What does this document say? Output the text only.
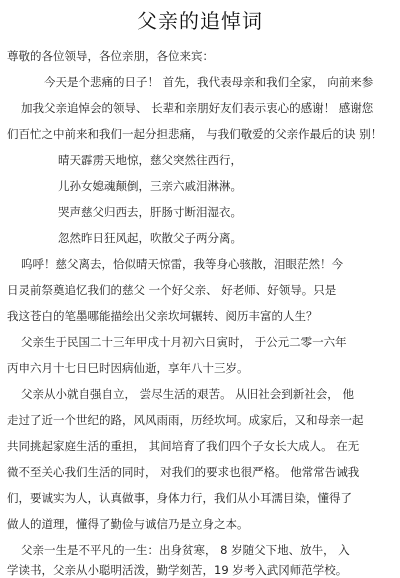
父亲的追悼词
尊敬的各位领导，各位亲朋，各位来宾：
今天是个悲痛的日子！ 首先，我代表母亲和我们全家， 向前来参
加我父亲追悼会的领导、 长辈和亲朋好友们表示衷心的感谢！ 感谢您
们百忙之中前来和我们一起分担悲痛， 与我们敬爱的父亲作最后的诀 别！
晴天霹雳天地惊，慈父突然往西行，
儿孙女媳魂颠倒，三亲六戚泪淋淋。
哭声慈父归西去，肝肠寸断泪湿衣。
忽然昨日狂风起，吹散父子两分离。
呜呼！慈父离去，恰似晴天惊雷，我等身心骇散，泪眼茫然！今
日灵前祭奠追忆我们的慈父 一个好父亲、 好老师、好领导。只是
我这苍白的笔墨哪能描绘出父亲坎坷辗转、阅历丰富的人生？
父亲生于民国二十三年甲戌十月初六日寅时， 于公元二零一六年
丙申六月十七日巳时因病仙逝，享年八十三岁。
父亲从小就自强自立， 尝尽生活的艰苦。 从旧社会到新社会， 他
走过了近一个世纪的路，风风雨雨，历经坎坷。成家后，又和母亲一起
共同挑起家庭生活的重担， 其间培育了我们四个子女长大成人。 在无
微不至关心我们生活的同时， 对我们的要求也很严格。 他常常告诫我
们，要诚实为人，认真做事，身体力行，我们从小耳濡目染，懂得了
做人的道理，懂得了勤俭与诚信乃是立身之本。
父亲一生是不平凡的一生：出身贫寒， 8 岁随父下地、放牛， 入
学读书，父亲从小聪明活泼，勤学刻苦，19 岁考入武冈师范学校。
